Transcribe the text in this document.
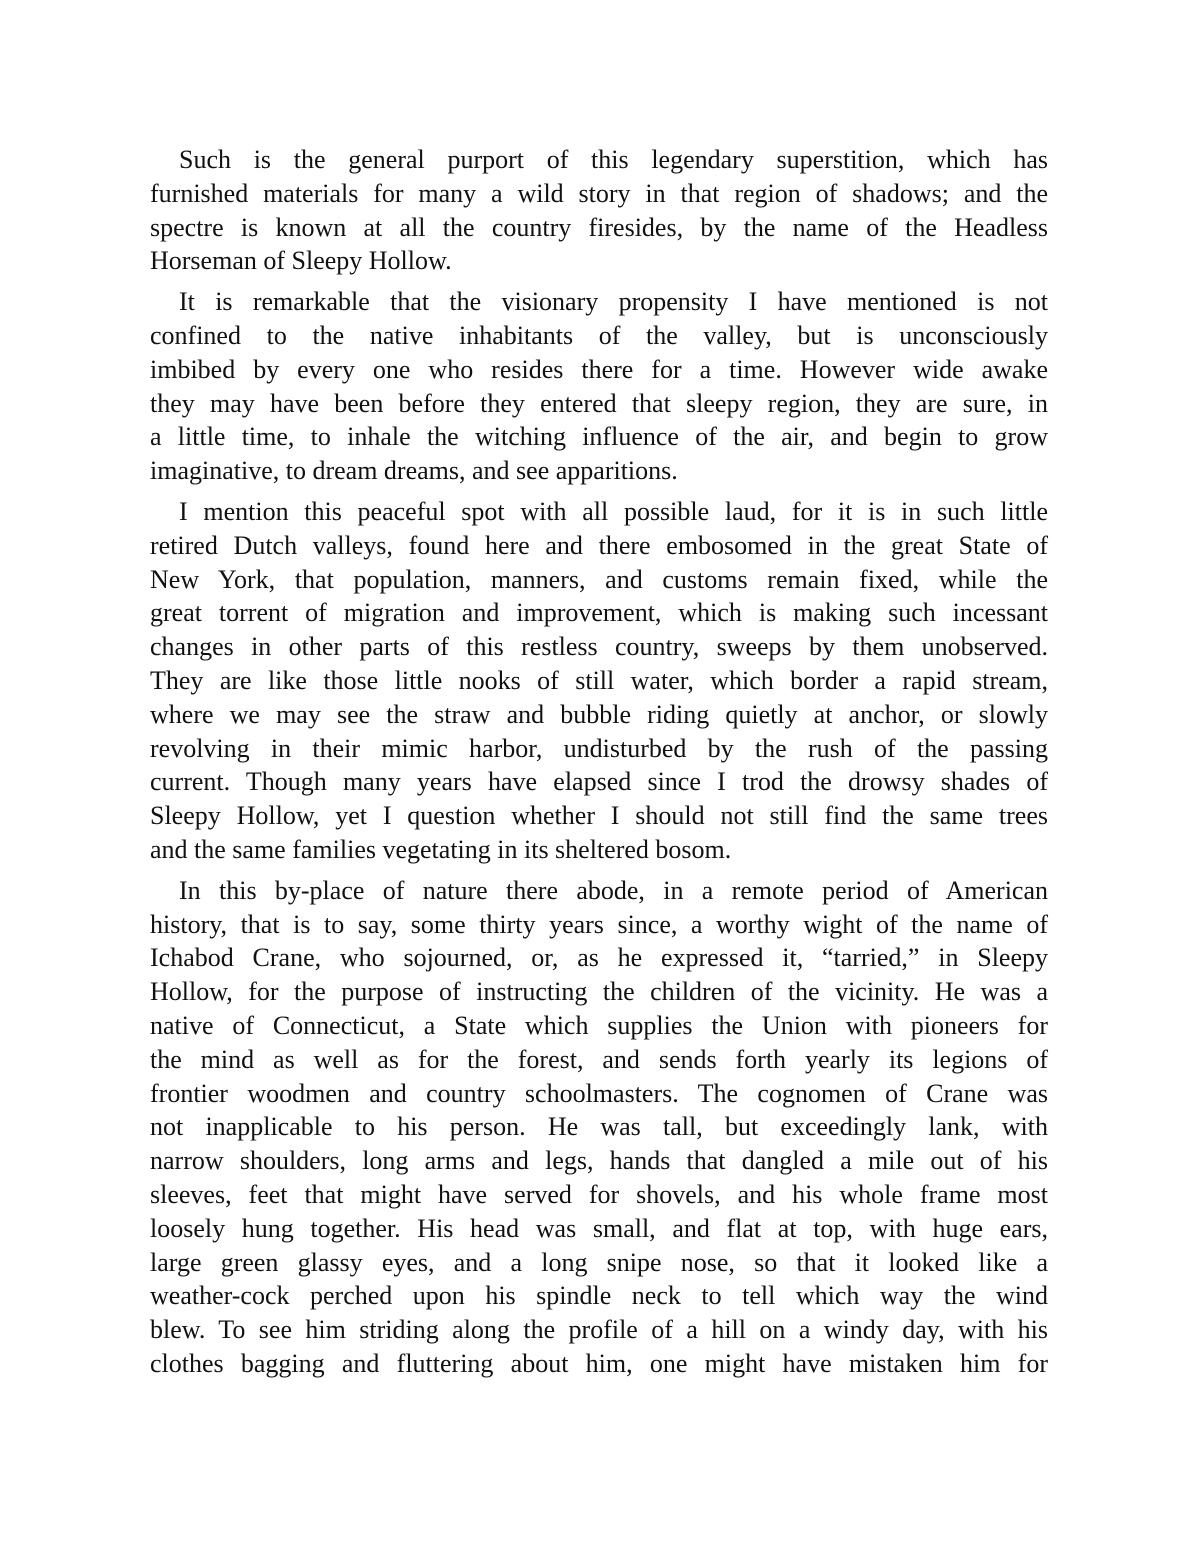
Such is the general purport of this legendary superstition, which has
furnished materials for many a wild story in that region of shadows; and the
spectre is known at all the country firesides, by the name of the Headless
Horseman of Sleepy Hollow.
It is remarkable that the visionary propensity I have mentioned is not
confined to the native inhabitants of the valley, but is unconsciously
imbibed by every one who resides there for a time. However wide awake
they may have been before they entered that sleepy region, they are sure, in
a little time, to inhale the witching influence of the air, and begin to grow
imaginative, to dream dreams, and see apparitions.
I mention this peaceful spot with all possible laud, for it is in such little
retired Dutch valleys, found here and there embosomed in the great State of
New York, that population, manners, and customs remain fixed, while the
great torrent of migration and improvement, which is making such incessant
changes in other parts of this restless country, sweeps by them unobserved.
They are like those little nooks of still water, which border a rapid stream,
where we may see the straw and bubble riding quietly at anchor, or slowly
revolving in their mimic harbor, undisturbed by the rush of the passing
current. Though many years have elapsed since I trod the drowsy shades of
Sleepy Hollow, yet I question whether I should not still find the same trees
and the same families vegetating in its sheltered bosom.
In this by-place of nature there abode, in a remote period of American
history, that is to say, some thirty years since, a worthy wight of the name of
Ichabod Crane, who sojourned, or, as he expressed it, “tarried,” in Sleepy
Hollow, for the purpose of instructing the children of the vicinity. He was a
native of Connecticut, a State which supplies the Union with pioneers for
the mind as well as for the forest, and sends forth yearly its legions of
frontier woodmen and country schoolmasters. The cognomen of Crane was
not inapplicable to his person. He was tall, but exceedingly lank, with
narrow shoulders, long arms and legs, hands that dangled a mile out of his
sleeves, feet that might have served for shovels, and his whole frame most
loosely hung together. His head was small, and flat at top, with huge ears,
large green glassy eyes, and a long snipe nose, so that it looked like a
weather-cock perched upon his spindle neck to tell which way the wind
blew. To see him striding along the profile of a hill on a windy day, with his
clothes bagging and fluttering about him, one might have mistaken him for
